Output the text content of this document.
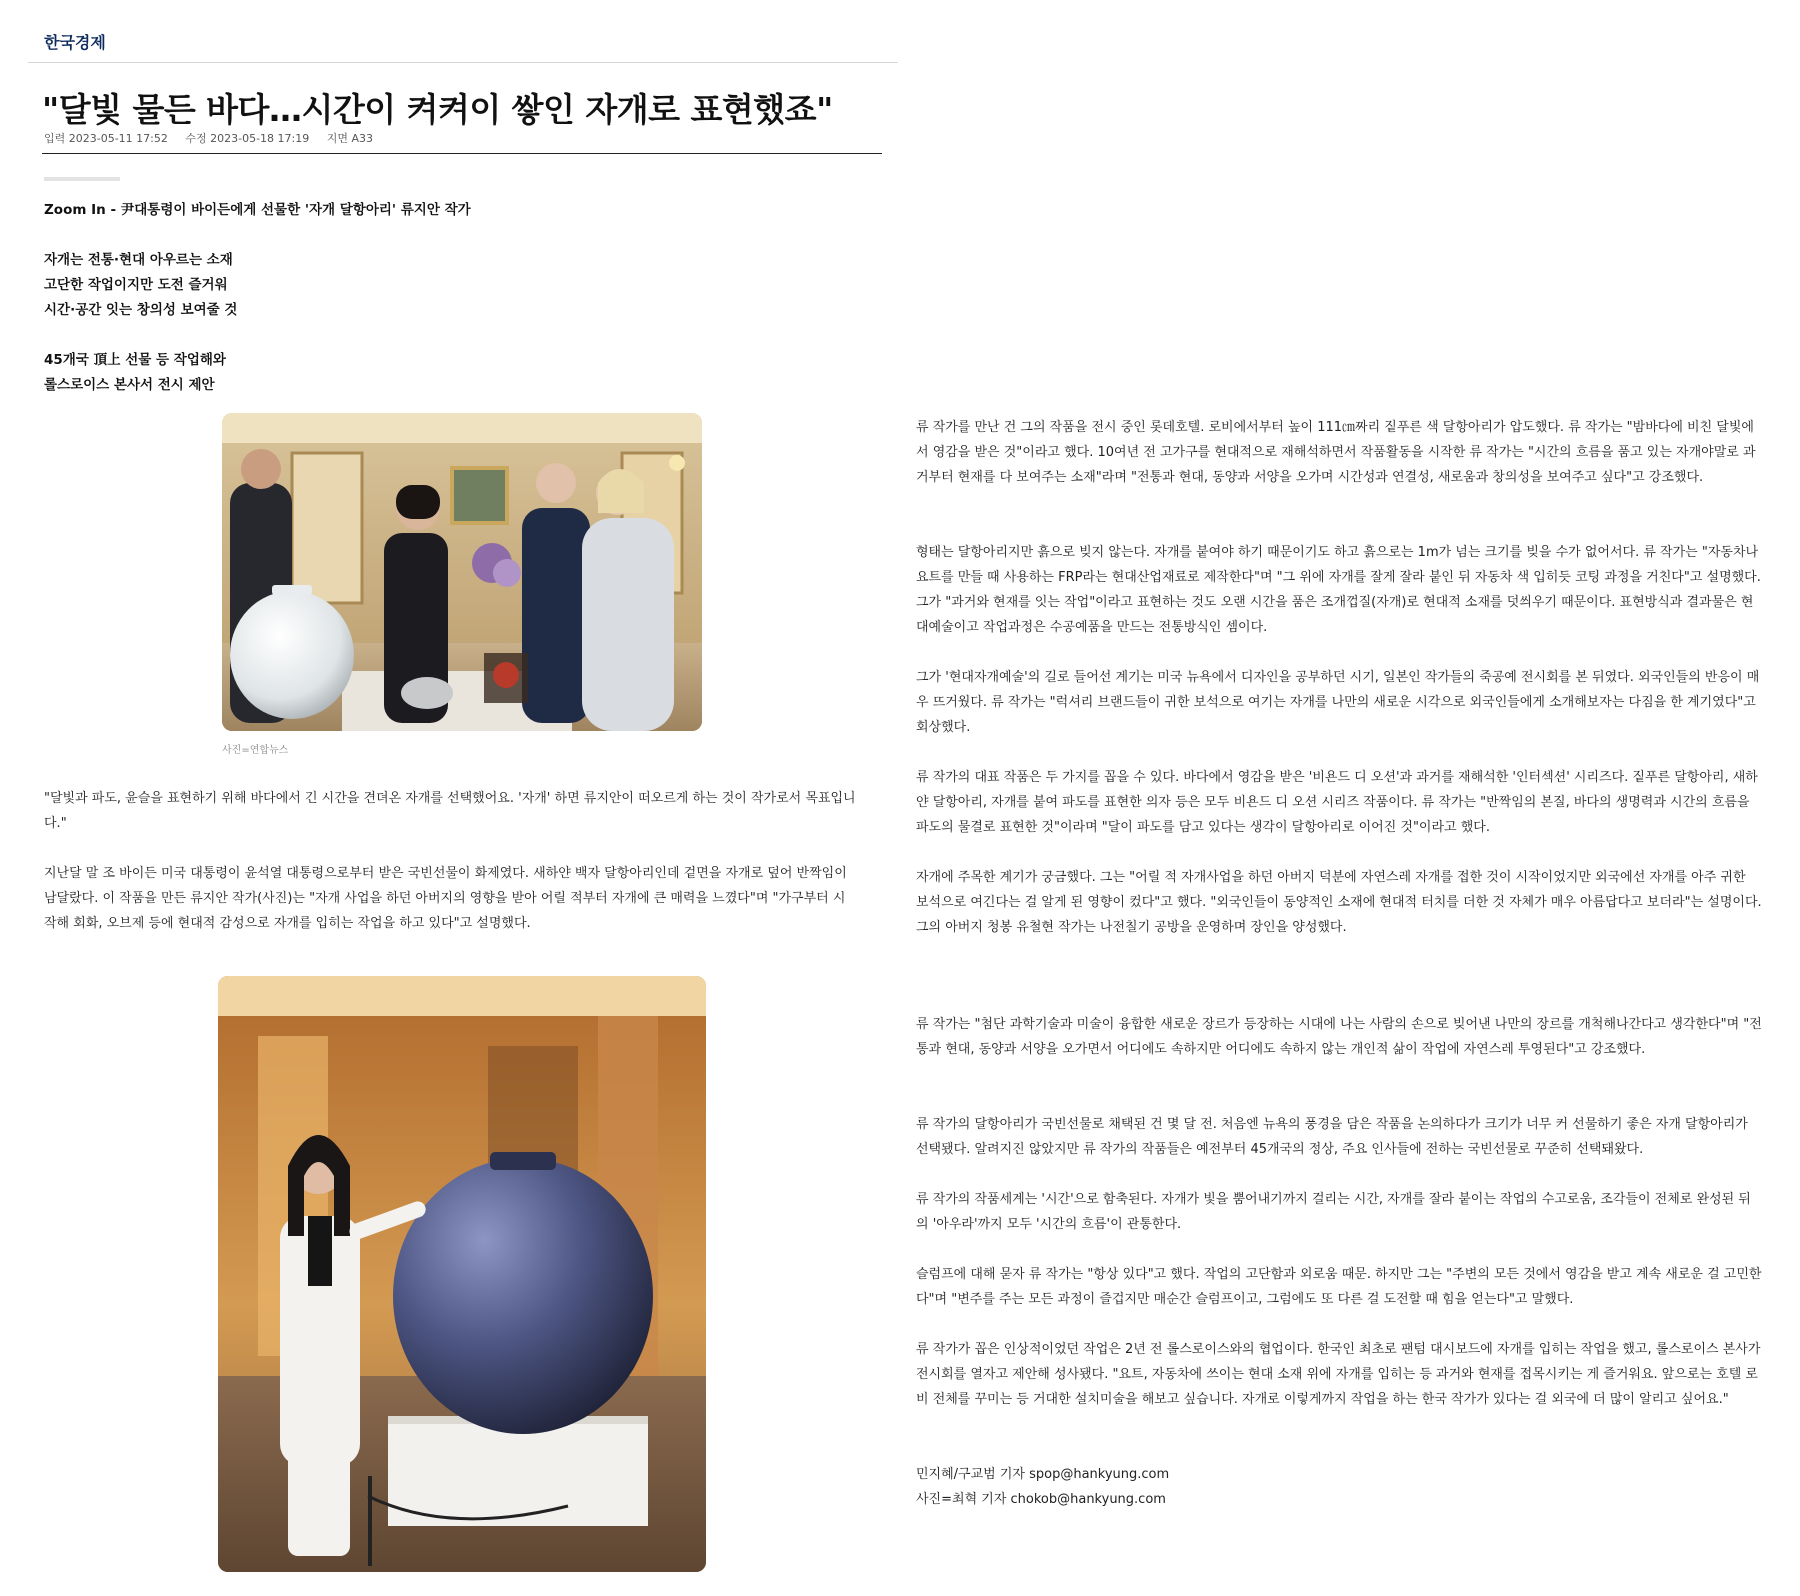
한국경제
"달빛 물든 바다…시간이 켜켜이 쌓인 자개로 표현했죠"
입력 2023-05-11 17:52 수정 2023-05-18 17:19 지면 A33

Zoom In - 尹대통령이 바이든에게 선물한 '자개 달항아리' 류지안 작가

자개는 전통·현대 아우르는 소재

고단한 작업이지만 도전 즐거워

시간·공간 잇는 창의성 보여줄 것

45개국 頂上 선물 등 작업해와

롤스로이스 본사서 전시 제안

사진=연합뉴스

"달빛과 파도, 윤슬을 표현하기 위해 바다에서 긴 시간을 견뎌온 자개를 선택했어요. '자개' 하면 류지안이 떠오르게 하는 것이 작가로서 목표입니다."

지난달 말 조 바이든 미국 대통령이 윤석열 대통령으로부터 받은 국빈선물이 화제였다. 새하얀 백자 달항아리인데 겉면을 자개로 덮어 반짝임이 남달랐다. 이 작품을 만든 류지안 작가(사진)는 "자개 사업을 하던 아버지의 영향을 받아 어릴 적부터 자개에 큰 매력을 느꼈다"며 "가구부터 시작해 회화, 오브제 등에 현대적 감성으로 자개를 입히는 작업을 하고 있다"고 설명했다.

류 작가를 만난 건 그의 작품을 전시 중인 롯데호텔. 로비에서부터 높이 111㎝짜리 짙푸른 색 달항아리가 압도했다. 류 작가는 "밤바다에 비친 달빛에서 영감을 받은 것"이라고 했다. 10여년 전 고가구를 현대적으로 재해석하면서 작품활동을 시작한 류 작가는 "시간의 흐름을 품고 있는 자개야말로 과거부터 현재를 다 보여주는 소재"라며 "전통과 현대, 동양과 서양을 오가며 시간성과 연결성, 새로움과 창의성을 보여주고 싶다"고 강조했다.

형태는 달항아리지만 흙으로 빚지 않는다. 자개를 붙여야 하기 때문이기도 하고 흙으로는 1m가 넘는 크기를 빚을 수가 없어서다. 류 작가는 "자동차나 요트를 만들 때 사용하는 FRP라는 현대산업재료로 제작한다"며 "그 위에 자개를 잘게 잘라 붙인 뒤 자동차 색 입히듯 코팅 과정을 거친다"고 설명했다. 그가 "과거와 현재를 잇는 작업"이라고 표현하는 것도 오랜 시간을 품은 조개껍질(자개)로 현대적 소재를 덧씌우기 때문이다. 표현방식과 결과물은 현대예술이고 작업과정은 수공예품을 만드는 전통방식인 셈이다.

그가 '현대자개예술'의 길로 들어선 계기는 미국 뉴욕에서 디자인을 공부하던 시기, 일본인 작가들의 죽공예 전시회를 본 뒤였다. 외국인들의 반응이 매우 뜨거웠다. 류 작가는 "럭셔리 브랜드들이 귀한 보석으로 여기는 자개를 나만의 새로운 시각으로 외국인들에게 소개해보자는 다짐을 한 계기였다"고 회상했다.

류 작가의 대표 작품은 두 가지를 꼽을 수 있다. 바다에서 영감을 받은 '비욘드 디 오션'과 과거를 재해석한 '인터섹션' 시리즈다. 짙푸른 달항아리, 새하얀 달항아리, 자개를 붙여 파도를 표현한 의자 등은 모두 비욘드 디 오션 시리즈 작품이다. 류 작가는 "반짝임의 본질, 바다의 생명력과 시간의 흐름을 파도의 물결로 표현한 것"이라며 "달이 파도를 담고 있다는 생각이 달항아리로 이어진 것"이라고 했다.

자개에 주목한 계기가 궁금했다. 그는 "어릴 적 자개사업을 하던 아버지 덕분에 자연스레 자개를 접한 것이 시작이었지만 외국에선 자개를 아주 귀한 보석으로 여긴다는 걸 알게 된 영향이 컸다"고 했다. "외국인들이 동양적인 소재에 현대적 터치를 더한 것 자체가 매우 아름답다고 보더라"는 설명이다. 그의 아버지 청봉 유철현 작가는 나전칠기 공방을 운영하며 장인을 양성했다.

류 작가는 "첨단 과학기술과 미술이 융합한 새로운 장르가 등장하는 시대에 나는 사람의 손으로 빚어낸 나만의 장르를 개척해나간다고 생각한다"며 "전통과 현대, 동양과 서양을 오가면서 어디에도 속하지만 어디에도 속하지 않는 개인적 삶이 작업에 자연스레 투영된다"고 강조했다.

류 작가의 달항아리가 국빈선물로 채택된 건 몇 달 전. 처음엔 뉴욕의 풍경을 담은 작품을 논의하다가 크기가 너무 커 선물하기 좋은 자개 달항아리가 선택됐다. 알려지진 않았지만 류 작가의 작품들은 예전부터 45개국의 정상, 주요 인사들에 전하는 국빈선물로 꾸준히 선택돼왔다.

류 작가의 작품세계는 '시간'으로 함축된다. 자개가 빛을 뿜어내기까지 걸리는 시간, 자개를 잘라 붙이는 작업의 수고로움, 조각들이 전체로 완성된 뒤의 '아우라'까지 모두 '시간의 흐름'이 관통한다.

슬럼프에 대해 묻자 류 작가는 "항상 있다"고 했다. 작업의 고단함과 외로움 때문. 하지만 그는 "주변의 모든 것에서 영감을 받고 계속 새로운 걸 고민한다"며 "변주를 주는 모든 과정이 즐겁지만 매순간 슬럼프이고, 그럼에도 또 다른 걸 도전할 때 힘을 얻는다"고 말했다.

류 작가가 꼽은 인상적이었던 작업은 2년 전 롤스로이스와의 협업이다. 한국인 최초로 팬텀 대시보드에 자개를 입히는 작업을 했고, 롤스로이스 본사가 전시회를 열자고 제안해 성사됐다. "요트, 자동차에 쓰이는 현대 소재 위에 자개를 입히는 등 과거와 현재를 접목시키는 게 즐거워요. 앞으로는 호텔 로비 전체를 꾸미는 등 거대한 설치미술을 해보고 싶습니다. 자개로 이렇게까지 작업을 하는 한국 작가가 있다는 걸 외국에 더 많이 알리고 싶어요."

민지혜/구교범 기자 spop@hankyung.com

사진=최혁 기자 chokob@hankyung.com
